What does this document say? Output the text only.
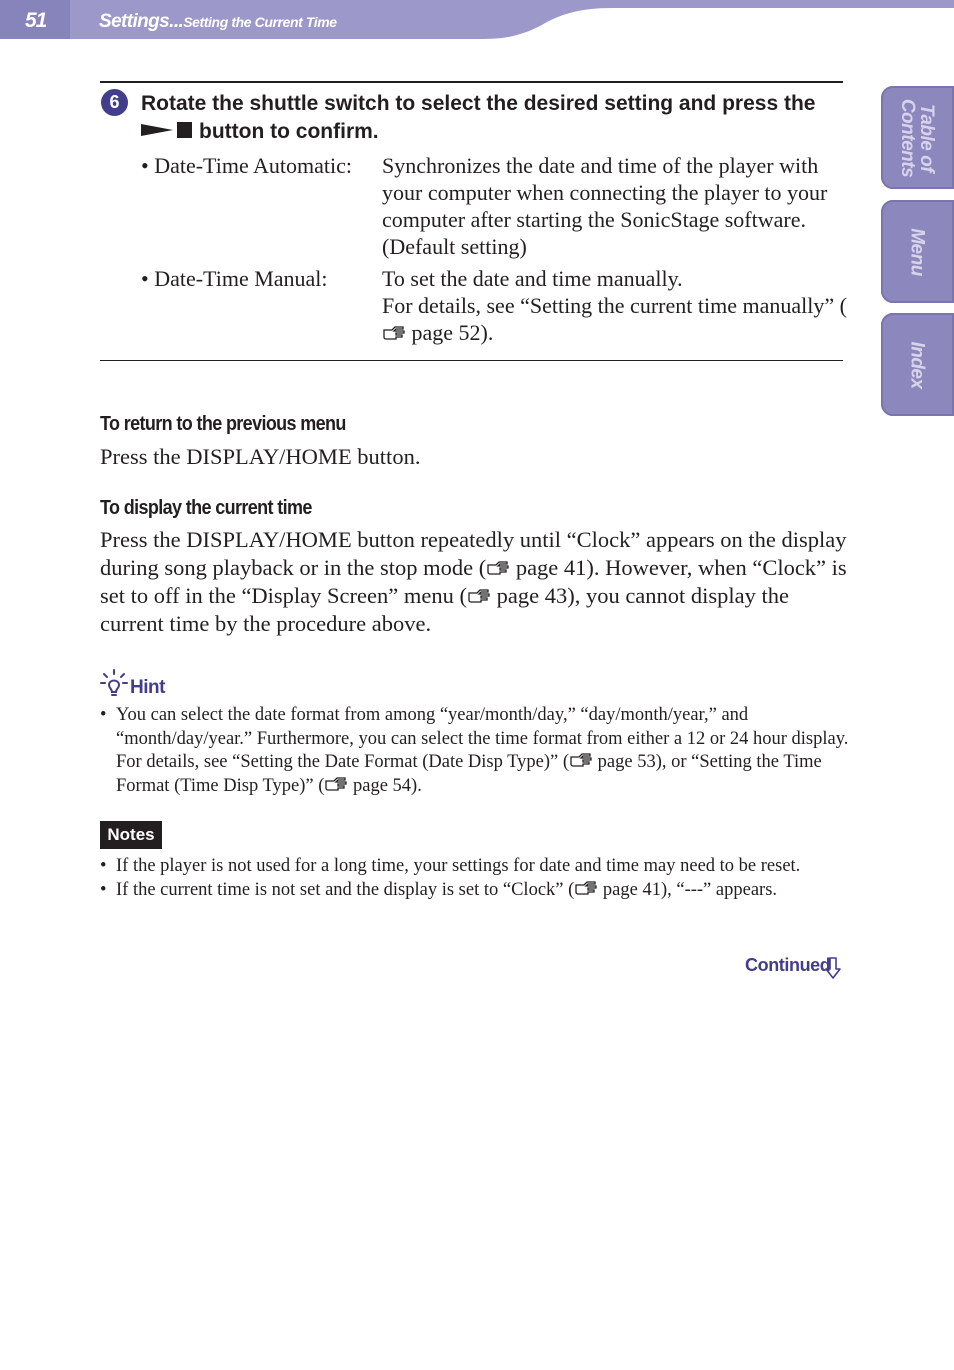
51	Settings...Setting the Current Time
Table of
Contents
Menu
Index
6	Rotate the shuttle switch to select the desired setting and press the
button to confirm.
• Date-Time Automatic: Synchronizes the date and time of the player with your computer when connecting the player to your computer after starting the SonicStage software. (Default setting)
• Date-Time Manual: To set the date and time manually.
For details, see “Setting the current time manually” (
page 52).
To return to the previous menu
Press the DISPLAY/HOME button.
To display the current time
Press the DISPLAY/HOME button repeatedly until “Clock” appears on the display during song playback or in the stop mode (
page 41). However, when “Clock” is set to off in the “Display Screen” menu (
page 43), you cannot display the current time by the procedure above.
Hint
• You can select the date format from among “year/month/day,” “day/month/year,” and “month/day/year.” Furthermore, you can select the time format from either a 12 or 24 hour display. For details, see “Setting the Date Format (Date Disp Type)” (
page 53), or “Setting the Time Format (Time Disp Type)” (
page 54).
Notes
• If the player is not used for a long time, your settings for date and time may need to be reset.
• If the current time is not set and the display is set to “Clock” (
page 41), “---” appears.
Continued
